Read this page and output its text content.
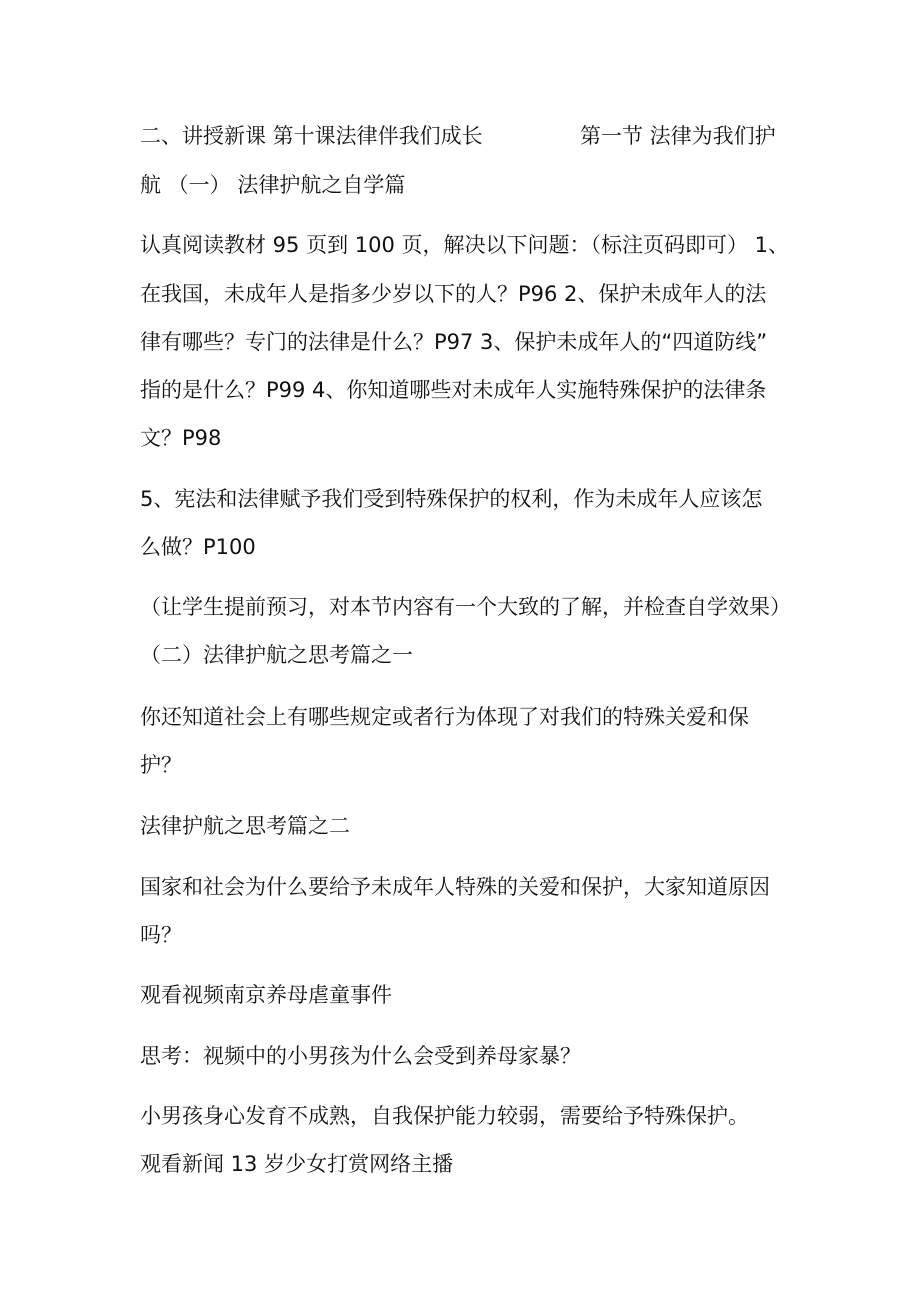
二、讲授新课 第十课法律伴我们成长	第一节 法律为我们护
航 （一） 法律护航之自学篇
认真阅读教材 95 页到 100 页，解决以下问题：（标注页码即可） 1、
在我国，未成年人是指多少岁以下的人？P96 2、保护未成年人的法
律有哪些？专门的法律是什么？P97 3、保护未成年人的“四道防线”
指的是什么？P99 4、你知道哪些对未成年人实施特殊保护的法律条
文？P98
5、宪法和法律赋予我们受到特殊保护的权利，作为未成年人应该怎
么做？P100
（让学生提前预习，对本节内容有一个大致的了解，并检查自学效果）
（二）法律护航之思考篇之一
你还知道社会上有哪些规定或者行为体现了对我们的特殊关爱和保
护？
法律护航之思考篇之二
国家和社会为什么要给予未成年人特殊的关爱和保护，大家知道原因
吗？
观看视频南京养母虐童事件
思考：视频中的小男孩为什么会受到养母家暴？
小男孩身心发育不成熟，自我保护能力较弱，需要给予特殊保护。
观看新闻 13 岁少女打赏网络主播
